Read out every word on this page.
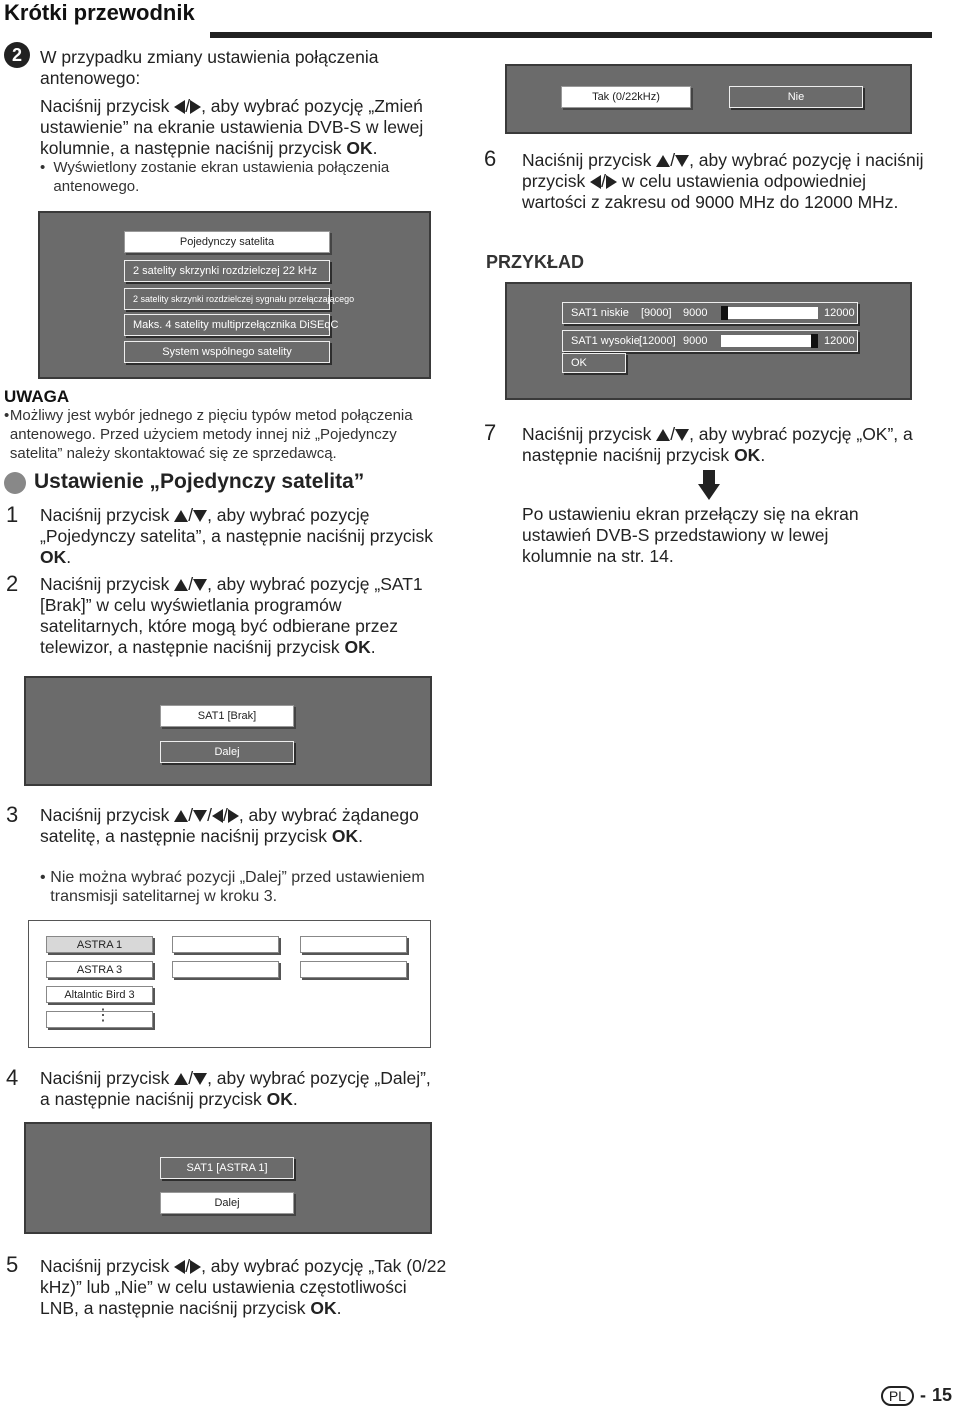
Krótki przewodnik
2 W przypadku zmiany ustawienia połączenia antenowego:
Naciśnij przycisk / , aby wybrać pozycję „Zmień ustawienie” na ekranie ustawienia DVB-S w lewej kolumnie, a następnie naciśnij przycisk OK.
• Wyświetlony zostanie ekran ustawienia połączenia antenowego.
Pojedynczy satelita
2 satelity skrzynki rozdzielczej 22 kHz
2 satelity skrzynki rozdzielczej sygnału przełączającego
Maks. 4 satelity multiprzełącznika DiSEqC
System wspólnego satelity
UWAGA
• Możliwy jest wybór jednego z pięciu typów metod połączenia antenowego. Przed użyciem metody innej niż „Pojedynczy satelita” należy skontaktować się ze sprzedawcą.
Ustawienie „Pojedynczy satelita”
1 Naciśnij przycisk / , aby wybrać pozycję „Pojedynczy satelita”, a następnie naciśnij przycisk OK.
2 Naciśnij przycisk / , aby wybrać pozycję „SAT1 [Brak]” w celu wyświetlania programów satelitarnych, które mogą być odbierane przez telewizor, a następnie naciśnij przycisk OK.
SAT1 [Brak]
Dalej
3 Naciśnij przycisk / / / , aby wybrać żądanego satelitę, a następnie naciśnij przycisk OK.
• Nie można wybrać pozycji „Dalej” przed ustawieniem transmisji satelitarnej w kroku 3.
ASTRA 1
ASTRA 3
Altalntic Bird 3
⋮
4 Naciśnij przycisk / , aby wybrać pozycję „Dalej”, a następnie naciśnij przycisk OK.
SAT1 [ASTRA 1]
Dalej
5 Naciśnij przycisk / , aby wybrać pozycję „Tak (0/22 kHz)” lub „Nie” w celu ustawienia częstotliwości LNB, a następnie naciśnij przycisk OK.
Tak (0/22kHz)	Nie
6 Naciśnij przycisk / , aby wybrać pozycję i naciśnij przycisk / w celu ustawienia odpowiedniej wartości z zakresu od 9000 MHz do 12000 MHz.
PRZYKŁAD
SAT1 niskie	[9000]	9000	12000
SAT1 wysokie [12000] 9000	12000
OK
7 Naciśnij przycisk / , aby wybrać pozycję „OK”, a następnie naciśnij przycisk OK.
Po ustawieniu ekran przełączy się na ekran ustawień DVB-S przedstawiony w lewej kolumnie na str. 14.
PL - 15
